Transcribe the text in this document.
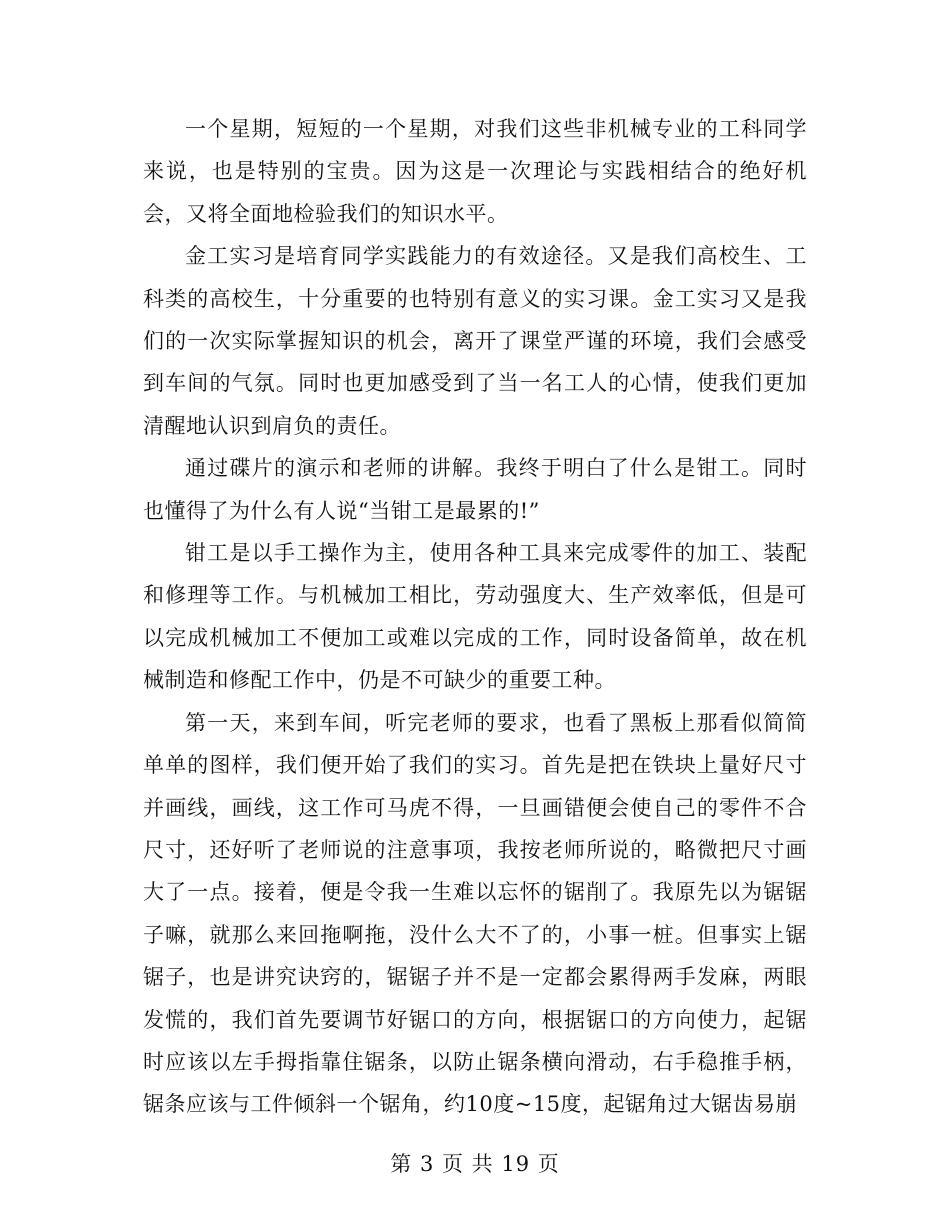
一个星期，短短的一个星期，对我们这些非机械专业的工科同学来说，也是特别的宝贵。因为这是一次理论与实践相结合的绝好机会，又将全面地检验我们的知识水平。

金工实习是培育同学实践能力的有效途径。又是我们高校生、工科类的高校生，十分重要的也特别有意义的实习课。金工实习又是我们的一次实际掌握知识的机会，离开了课堂严谨的环境，我们会感受到车间的气氛。同时也更加感受到了当一名工人的心情，使我们更加清醒地认识到肩负的责任。

通过碟片的演示和老师的讲解。我终于明白了什么是钳工。同时也懂得了为什么有人说“当钳工是最累的!”

钳工是以手工操作为主，使用各种工具来完成零件的加工、装配和修理等工作。与机械加工相比，劳动强度大、生产效率低，但是可以完成机械加工不便加工或难以完成的工作，同时设备简单，故在机械制造和修配工作中，仍是不可缺少的重要工种。

第一天，来到车间，听完老师的要求，也看了黑板上那看似简简单单的图样，我们便开始了我们的实习。首先是把在铁块上量好尺寸并画线，画线，这工作可马虎不得，一旦画错便会使自己的零件不合尺寸，还好听了老师说的注意事项，我按老师所说的，略微把尺寸画大了一点。接着，便是令我一生难以忘怀的锯削了。我原先以为锯锯子嘛，就那么来回拖啊拖，没什么大不了的，小事一桩。但事实上锯锯子，也是讲究诀窍的，锯锯子并不是一定都会累得两手发麻，两眼发慌的，我们首先要调节好锯口的方向，根据锯口的方向使力，起锯时应该以左手拇指靠住锯条，以防止锯条横向滑动，右手稳推手柄，锯条应该与工件倾斜一个锯角，约10度~15度，起锯角过大锯齿易崩

第 3 页 共 19 页
